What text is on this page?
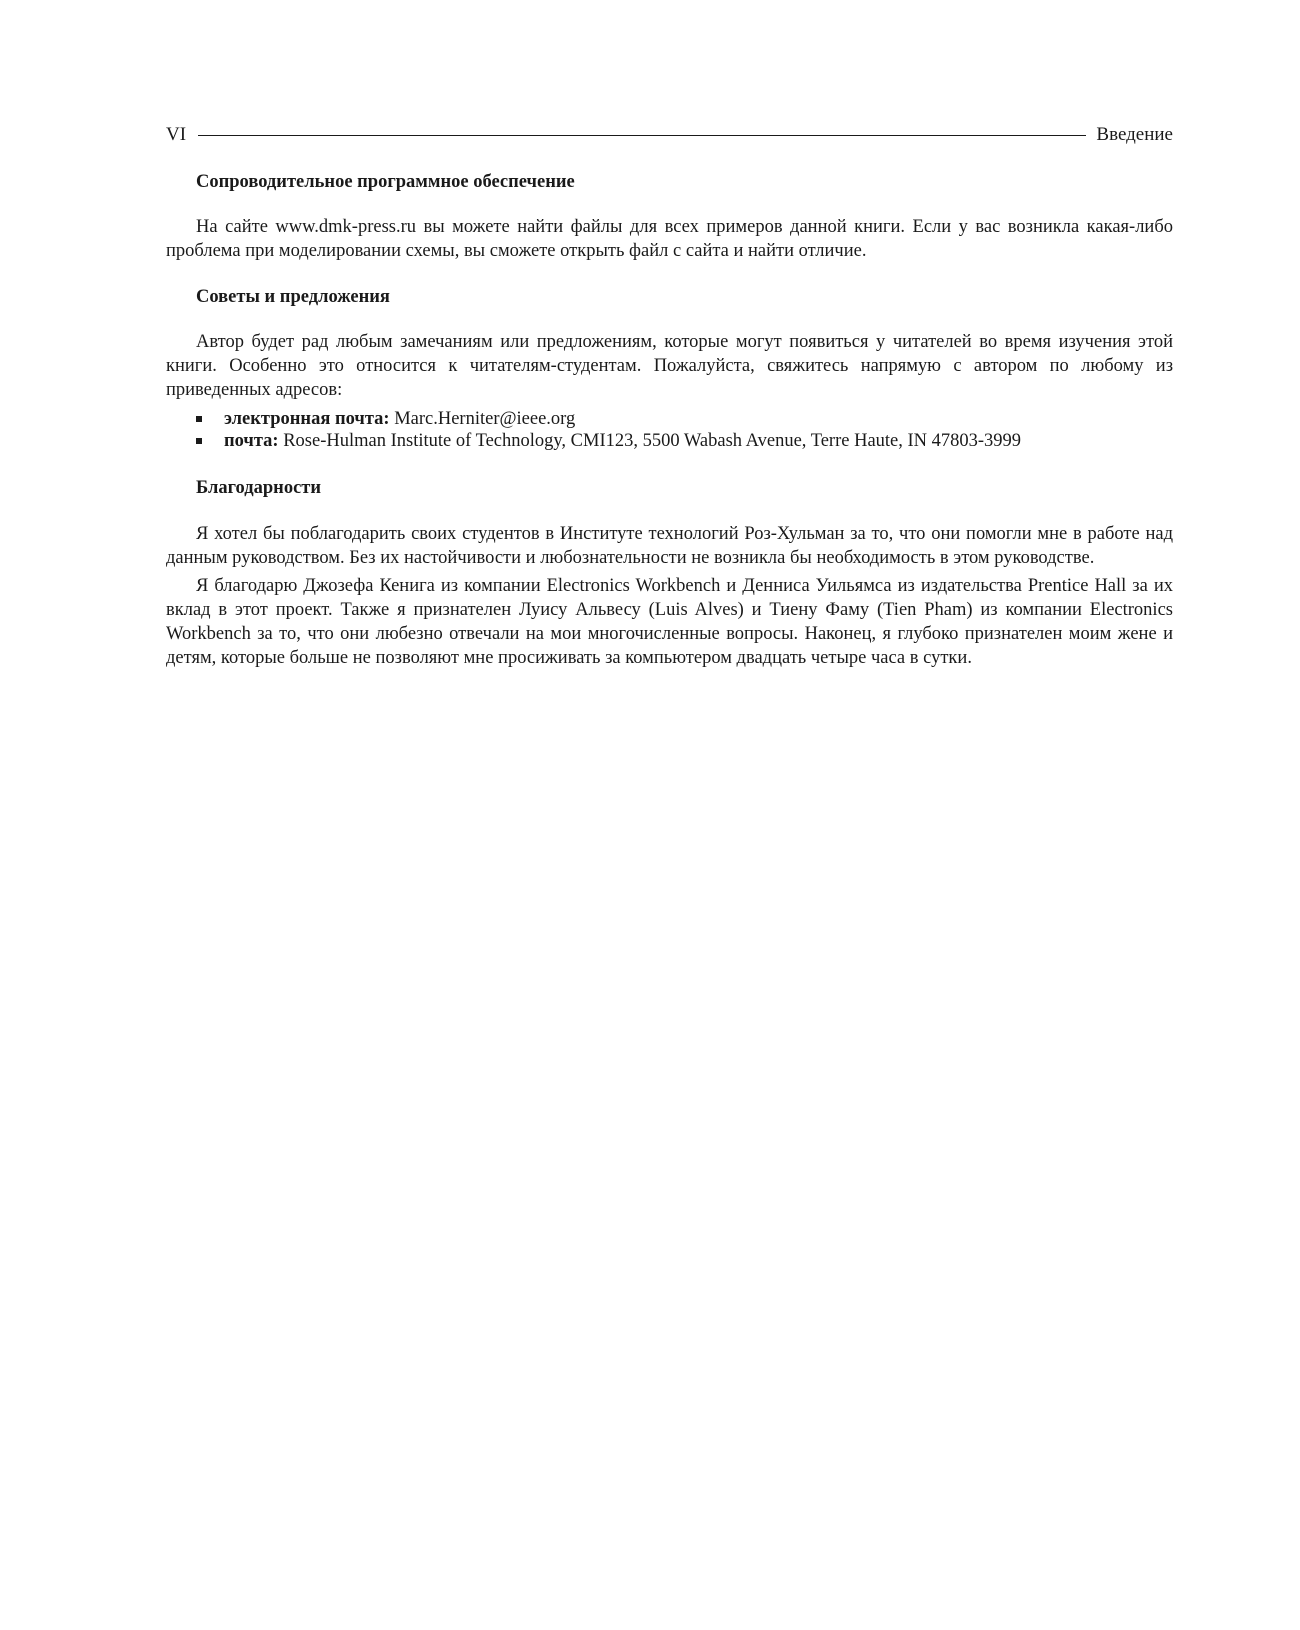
VI	Введение
Сопроводительное программное обеспечение

На сайте www.dmk-press.ru вы можете найти файлы для всех примеров данной книги. Если у вас возникла какая-либо проблема при моделировании схемы, вы сможете открыть файл с сайта и найти отличие.

Советы и предложения

Автор будет рад любым замечаниям или предложениям, которые могут появиться у читателей во время изучения этой книги. Особенно это относится к читателям-студентам. Пожалуйста, свяжитесь напрямую с автором по любому из приведенных адресов:

электронная почта: Marc.Herniter@ieee.org
почта: Rose-Hulman Institute of Technology, CMI123, 5500 Wabash Avenue, Terre Haute, IN 47803-3999
Благодарности

Я хотел бы поблагодарить своих студентов в Институте технологий Роз-Хульман за то, что они помогли мне в работе над данным руководством. Без их настойчивости и любознательности не возникла бы необходимость в этом руководстве.

Я благодарю Джозефа Кенига из компании Electronics Workbench и Денниса Уильямса из издательства Prentice Hall за их вклад в этот проект. Также я признателен Луису Альвесу (Luis Alves) и Тиену Фаму (Tien Pham) из компании Electronics Workbench за то, что они любезно отвечали на мои многочисленные вопросы. Наконец, я глубоко признателен моим жене и детям, которые больше не позволяют мне просиживать за компьютером двадцать четыре часа в сутки.
